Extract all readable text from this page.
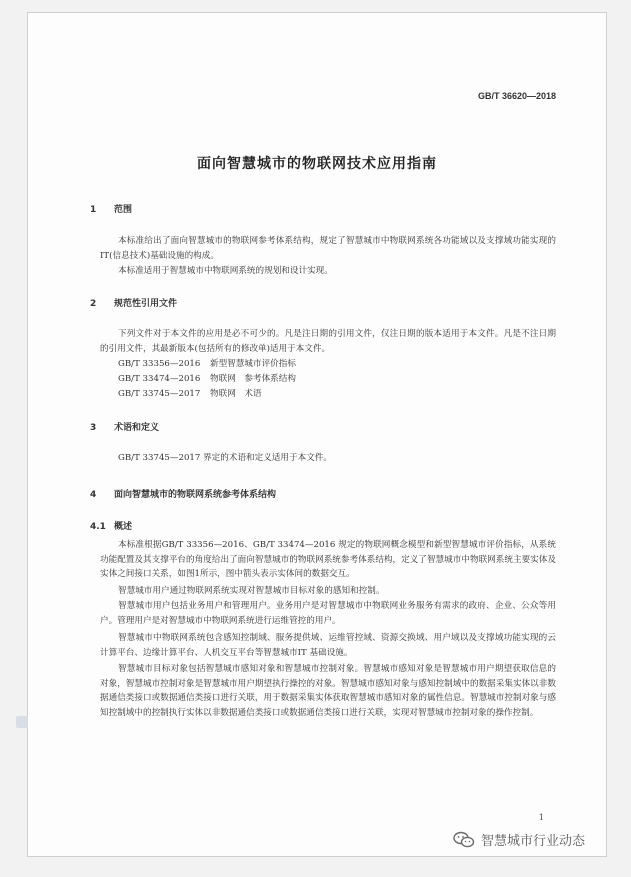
GB/T 36620—2018
面向智慧城市的物联网技术应用指南
1 范围
本标准给出了面向智慧城市的物联网参考体系结构，规定了智慧城市中物联网系统各功能域以及支撑域功能实现的IT(信息技术)基础设施的构成。
本标准适用于智慧城市中物联网系统的规划和设计实现。
2 规范性引用文件
下列文件对于本文件的应用是必不可少的。凡是注日期的引用文件，仅注日期的版本适用于本文件。凡是不注日期的引用文件，其最新版本(包括所有的修改单)适用于本文件。
GB/T 33356—2016 新型智慧城市评价指标
GB/T 33474—2016 物联网　参考体系结构
GB/T 33745—2017 物联网　术语
3 术语和定义
GB/T 33745—2017 界定的术语和定义适用于本文件。
4 面向智慧城市的物联网系统参考体系结构
4.1 概述
本标准根据GB/T 33356—2016、GB/T 33474—2016 规定的物联网概念模型和新型智慧城市评价指标，从系统功能配置及其支撑平台的角度给出了面向智慧城市的物联网系统参考体系结构，定义了智慧城市中物联网系统主要实体及实体之间接口关系，如图1所示，图中箭头表示实体间的数据交互。
智慧城市用户通过物联网系统实现对智慧城市目标对象的感知和控制。
智慧城市用户包括业务用户和管理用户。业务用户是对智慧城市中物联网业务服务有需求的政府、企业、公众等用户。管理用户是对智慧城市中物联网系统进行运维管控的用户。
智慧城市中物联网系统包含感知控制域、服务提供域、运维管控域、资源交换域、用户域以及支撑域功能实现的云计算平台、边缘计算平台、人机交互平台等智慧城市IT 基础设施。
智慧城市目标对象包括智慧城市感知对象和智慧城市控制对象。智慧城市感知对象是智慧城市用户期望获取信息的对象，智慧城市控制对象是智慧城市用户期望执行操控的对象。智慧城市感知对象与感知控制域中的数据采集实体以非数据通信类接口或数据通信类接口进行关联，用于数据采集实体获取智慧城市感知对象的属性信息。智慧城市控制对象与感知控制域中的控制执行实体以非数据通信类接口或数据通信类接口进行关联，实现对智慧城市控制对象的操作控制。
1
智慧城市行业动态
